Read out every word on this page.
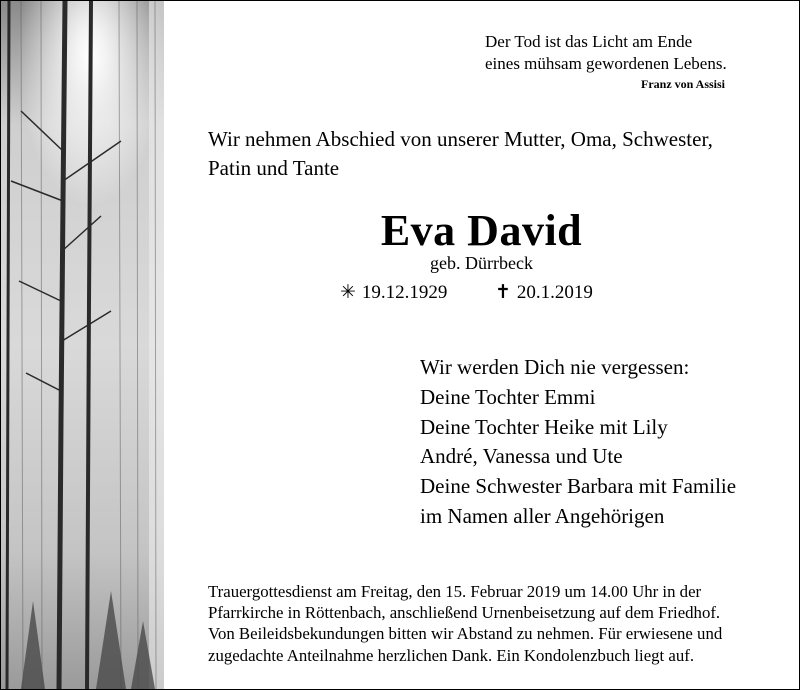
Der Tod ist das Licht am Ende
eines mühsam gewordenen Lebens.
Franz von Assisi
Wir nehmen Abschied von unserer Mutter, Oma, Schwester,
Patin und Tante
Eva David
geb. Dürrbeck
✳ 19.12.1929	✝ 20.1.2019
Wir werden Dich nie vergessen:
Deine Tochter Emmi
Deine Tochter Heike mit Lily
André, Vanessa und Ute
Deine Schwester Barbara mit Familie
im Namen aller Angehörigen
Trauergottesdienst am Freitag, den 15. Februar 2019 um 14.00 Uhr in der
Pfarrkirche in Röttenbach, anschließend Urnenbeisetzung auf dem Friedhof.
Von Beileidsbekundungen bitten wir Abstand zu nehmen. Für erwiesene und
zugedachte Anteilnahme herzlichen Dank. Ein Kondolenzbuch liegt auf.
